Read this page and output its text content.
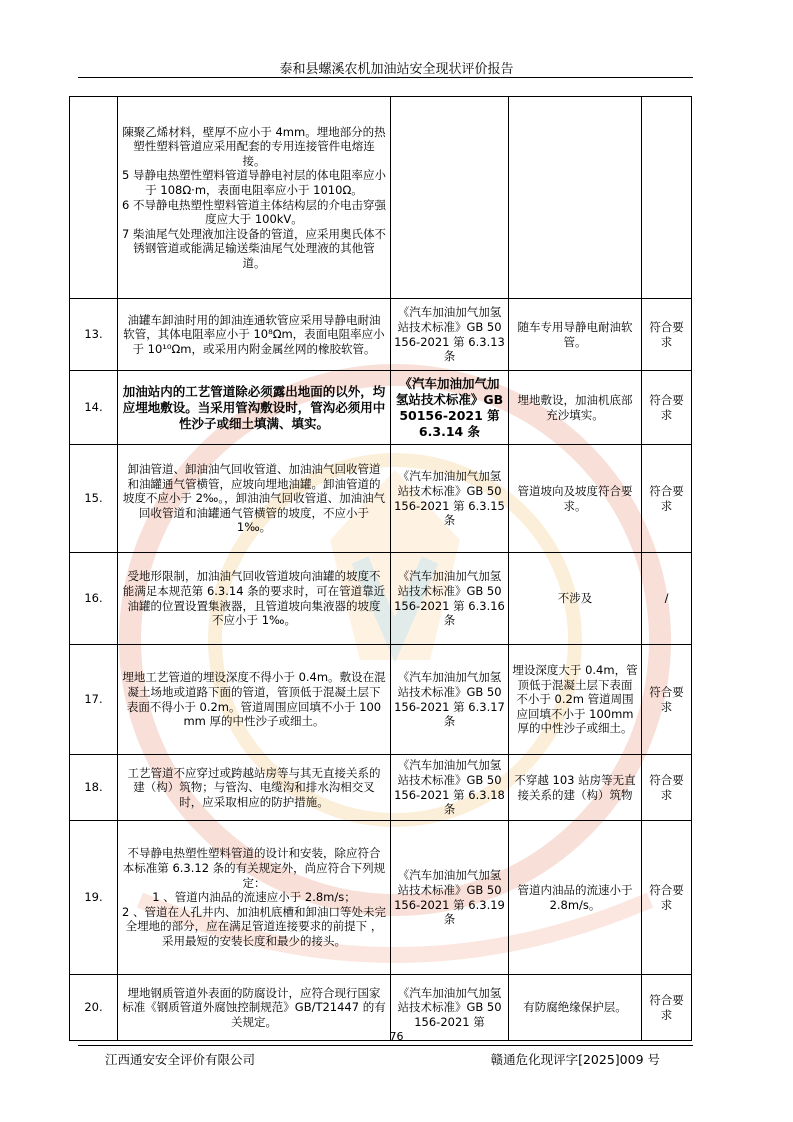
泰和县螺溪农机加油站安全现状评价报告
	陳聚乙烯材料，壁厚不应小于 4mm。埋地部分的热塑性塑料管道应采用配套的专用连接管件电熔连接。
5 导静电热塑性塑料管道导静电衬层的体电阻率应小于 108Ω·m，表面电阻率应小于 1010Ω。
6 不导静电热塑性塑料管道主体结构层的介电击穿强度应大于 100kV。
7 柴油尾气处理液加注设备的管道，应采用奥氏体不锈钢管道或能满足输送柴油尾气处理液的其他管道。			
13.	油罐车卸油时用的卸油连通软管应采用导静电耐油软管，其体电阻率应小于 10⁸Ωm，表面电阻率应小于 10¹⁰Ωm，或采用内附金属丝网的橡胶软管。	《汽车加油加气加氢站技术标准》GB 50156-2021 第 6.3.13 条	随车专用导静电耐油软管。	符合要求
14.	加油站内的工艺管道除必须露出地面的以外，均应埋地敷设。当采用管沟敷设时，管沟必须用中性沙子或细土填满、填实。	《汽车加油加气加氢站技术标准》GB 50156-2021 第 6.3.14 条	埋地敷设，加油机底部充沙填实。	符合要求
15.	卸油管道、卸油油气回收管道、加油油气回收管道和油罐通气管横管，应坡向埋地油罐。卸油管道的坡度不应小于 2‰。，卸油油气回收管道、加油油气回收管道和油罐通气管横管的坡度，不应小于 1‰。	《汽车加油加气加氢站技术标准》GB 50156-2021 第 6.3.15 条	管道坡向及坡度符合要求。	符合要求
16.	受地形限制，加油油气回收管道坡向油罐的坡度不能满足本规范第 6.3.14 条的要求时，可在管道靠近油罐的位置设置集液器，且管道坡向集液器的坡度不应小于 1‰。	《汽车加油加气加氢站技术标准》GB 50156-2021 第 6.3.16 条	不涉及	/
17.	埋地工艺管道的埋设深度不得小于 0.4m。敷设在混凝土场地或道路下面的管道，管顶低于混凝土层下表面不得小于 0.2m。管道周围应回填不小于 100mm 厚的中性沙子或细土。	《汽车加油加气加氢站技术标准》GB 50156-2021 第 6.3.17 条	埋设深度大于 0.4m，管顶低于混凝土层下表面不小于 0.2m 管道周围应回填不小于 100mm 厚的中性沙子或细土。	符合要求
18.	工艺管道不应穿过或跨越站房等与其无直接关系的建（构）筑物；与管沟、电缆沟和排水沟相交叉时，应采取相应的防护措施。	《汽车加油加气加氢站技术标准》GB 50156-2021 第 6.3.18 条	不穿越 103 站房等无直接关系的建（构）筑物	符合要求
19.	不导静电热塑性塑料管道的设计和安装，除应符合本标准第 6.3.12 条的有关规定外，尚应符合下列规定：
1 、管道内油品的流速应小于 2.8m/s；
2 、管道在人孔井内、加油机底槽和卸油口等处未完全埋地的部分，应在满足管道连接要求的前提下 ，采用最短的安装长度和最少的接头。	《汽车加油加气加氢站技术标准》GB 50156-2021 第 6.3.19 条	管道内油品的流速小于 2.8m/s。	符合要求
20.	埋地钢质管道外表面的防腐设计，应符合现行国家标准《钢质管道外腐蚀控制规范》GB/T21447 的有关规定。	《汽车加油加气加氢站技术标准》GB 50156-2021 第	有防腐绝缘保护层。	符合要求
76
江西通安安全评价有限公司	赣通危化现评字[2025]009 号
